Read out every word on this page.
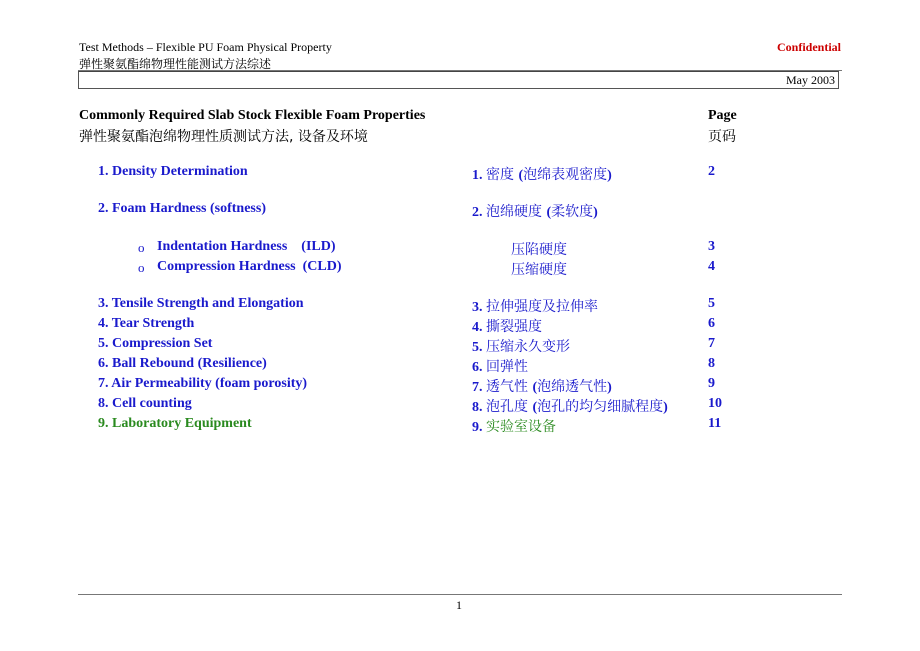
Test Methods – Flexible PU Foam Physical Property
弹性聚氨酯绵物理性能测试方法综述
Confidential
May 2003
Commonly Required Slab Stock Flexible Foam Properties
弹性聚氨酯泡绵物理性质测试方法, 设备及环境
Page
页码
1. Density Determination	1. 密度 (泡绵表观密度)	2
2. Foam Hardness (softness)	2. 泡绵硬度 (柔软度)
o Indentation Hardness    (ILD)	压陷硬度	3
o Compression Hardness  (CLD)	压缩硬度	4
3. Tensile Strength and Elongation	3. 拉伸强度及拉伸率	5
4. Tear Strength	4. 撕裂强度	6
5. Compression Set	5. 压缩永久变形	7
6. Ball Rebound (Resilience)	6. 回弹性	8
7. Air Permeability (foam porosity)	7. 透气性 (泡绵透气性)	9
8. Cell counting	8. 泡孔度 (泡孔的均匀细腻程度)	10
9. Laboratory Equipment	9. 实验室设备	11
1
